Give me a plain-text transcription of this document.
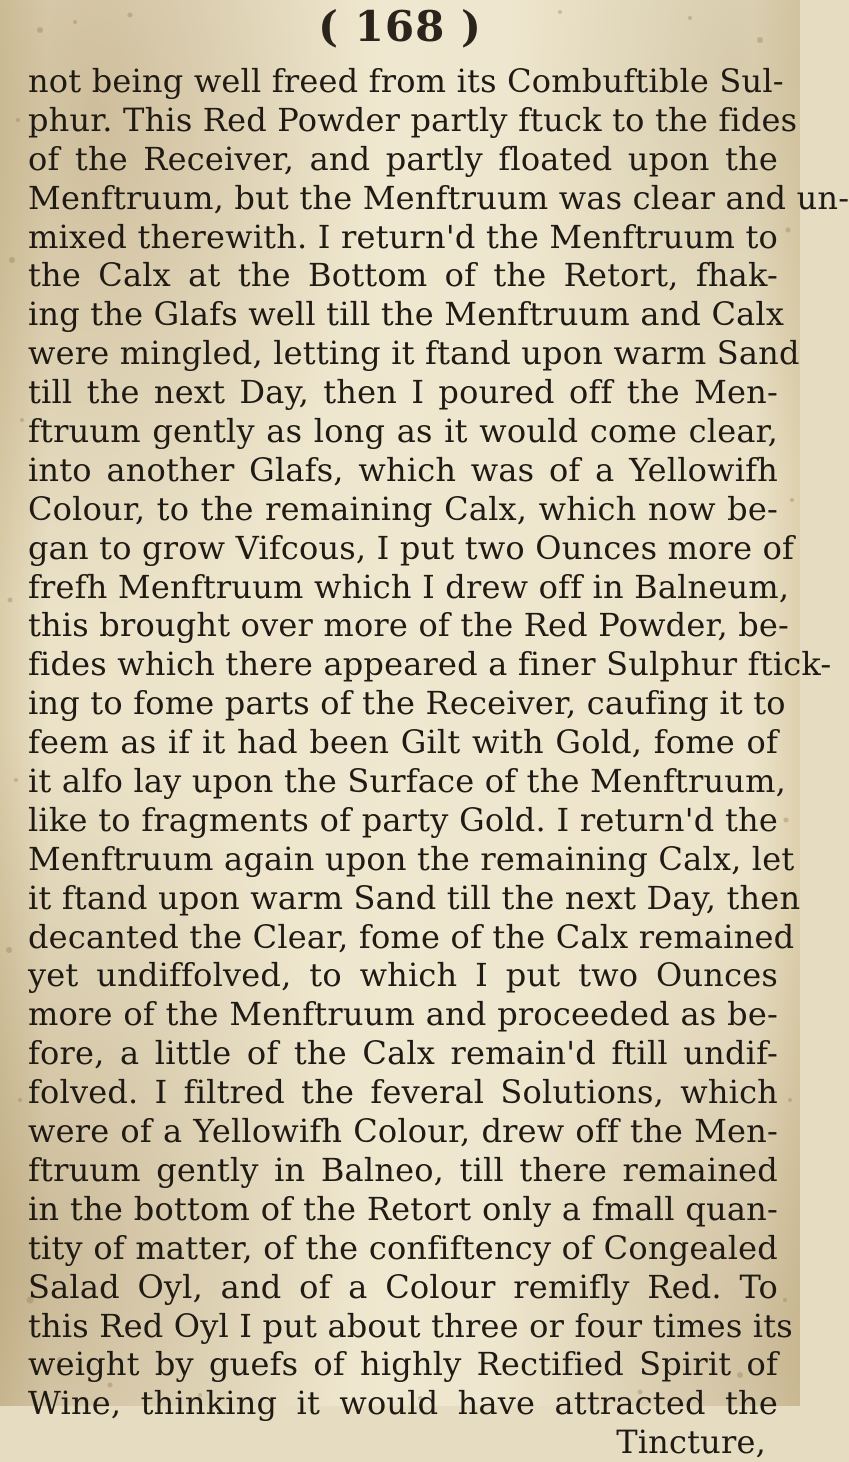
( 168 )
not being well freed from its Combuftible Sul-
phur. This Red Powder partly ftuck to the fides
of the Receiver, and partly floated upon the
Menftruum, but the Menftruum was clear and un-
mixed therewith. I return'd the Menftruum to
the Calx at the Bottom of the Retort, fhak-
ing the Glafs well till the Menftruum and Calx
were mingled, letting it ftand upon warm Sand
till the next Day, then I poured off the Men-
ftruum gently as long as it would come clear,
into another Glafs, which was of a Yellowifh
Colour, to the remaining Calx, which now be-
gan to grow Vifcous, I put two Ounces more of
frefh Menftruum which I drew off in Balneum,
this brought over more of the Red Powder, be-
fides which there appeared a finer Sulphur ftick-
ing to fome parts of the Receiver, caufing it to
feem as if it had been Gilt with Gold, fome of
it alfo lay upon the Surface of the Menftruum,
like to fragments of party Gold. I return'd the
Menftruum again upon the remaining Calx, let
it ftand upon warm Sand till the next Day, then
decanted the Clear, fome of the Calx remained
yet undiffolved, to which I put two Ounces
more of the Menftruum and proceeded as be-
fore, a little of the Calx remain'd ftill undif-
folved. I filtred the feveral Solutions, which
were of a Yellowifh Colour, drew off the Men-
ftruum gently in Balneo, till there remained
in the bottom of the Retort only a fmall quan-
tity of matter, of the confiftency of Congealed
Salad Oyl, and of a Colour remifly Red. To
this Red Oyl I put about three or four times its
weight by guefs of highly Rectified Spirit of
Wine, thinking it would have attracted the
Tincture,
